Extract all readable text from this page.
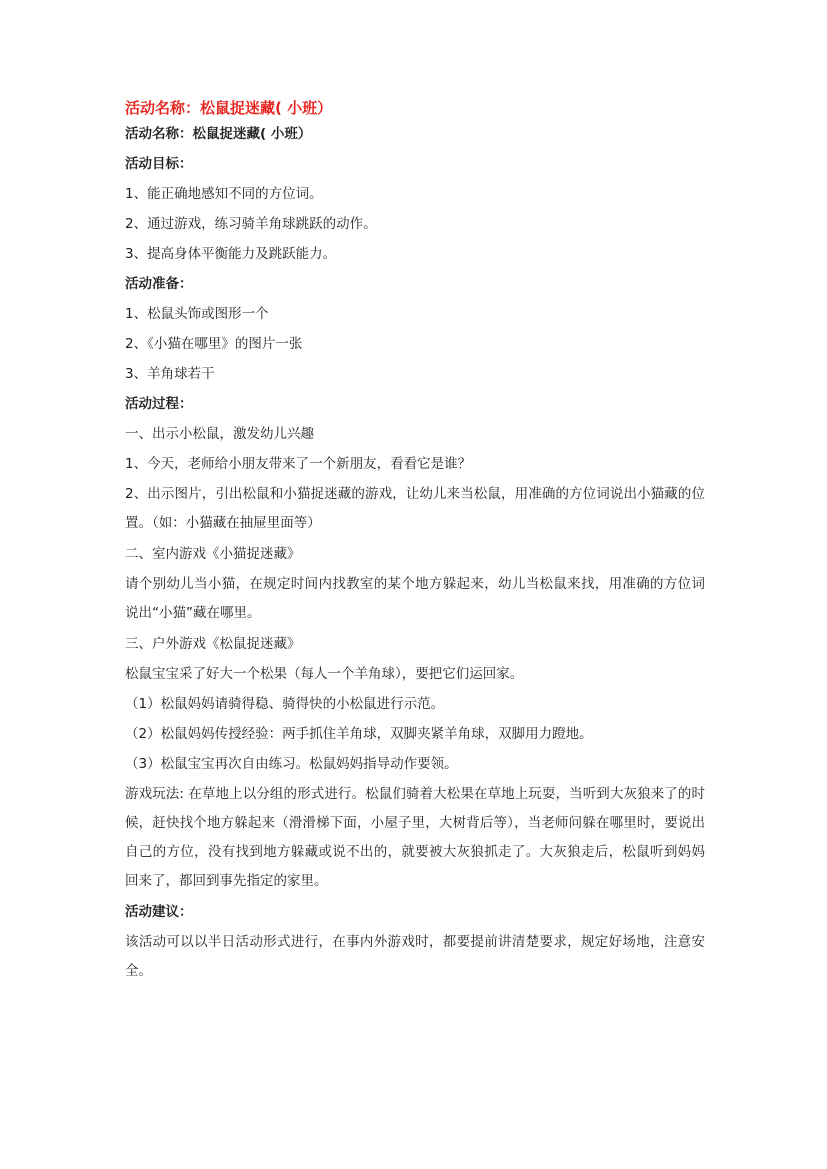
活动名称：松鼠捉迷藏( 小班）
活动名称：松鼠捉迷藏( 小班）
活动目标：
1、能正确地感知不同的方位词。
2、通过游戏，练习骑羊角球跳跃的动作。
3、提高身体平衡能力及跳跃能力。
活动准备：
1、松鼠头饰或图形一个
2、《小猫在哪里》的图片一张
3、羊角球若干
活动过程：
一、出示小松鼠，激发幼儿兴趣
1、今天，老师给小朋友带来了一个新朋友，看看它是谁？
2、出示图片，引出松鼠和小猫捉迷藏的游戏，让幼儿来当松鼠，用准确的方位词说出小猫藏的位置。（如：小猫藏在抽屉里面等）
二、室内游戏《小猫捉迷藏》
请个别幼儿当小猫，在规定时间内找教室的某个地方躲起来，幼儿当松鼠来找，用准确的方位词说出“小猫”藏在哪里。
三、户外游戏《松鼠捉迷藏》
松鼠宝宝采了好大一个松果（每人一个羊角球），要把它们运回家。
（1）松鼠妈妈请骑得稳、骑得快的小松鼠进行示范。
（2）松鼠妈妈传授经验：两手抓住羊角球，双脚夹紧羊角球，双脚用力蹬地。
（3）松鼠宝宝再次自由练习。松鼠妈妈指导动作要领。
游戏玩法: 在草地上以分组的形式进行。松鼠们骑着大松果在草地上玩耍，当听到大灰狼来了的时候，赶快找个地方躲起来（滑滑梯下面，小屋子里，大树背后等），当老师问躲在哪里时，要说出自己的方位，没有找到地方躲藏或说不出的，就要被大灰狼抓走了。大灰狼走后，松鼠听到妈妈回来了，都回到事先指定的家里。
活动建议：
该活动可以以半日活动形式进行，在事内外游戏时，都要提前讲清楚要求，规定好场地，注意安全。
